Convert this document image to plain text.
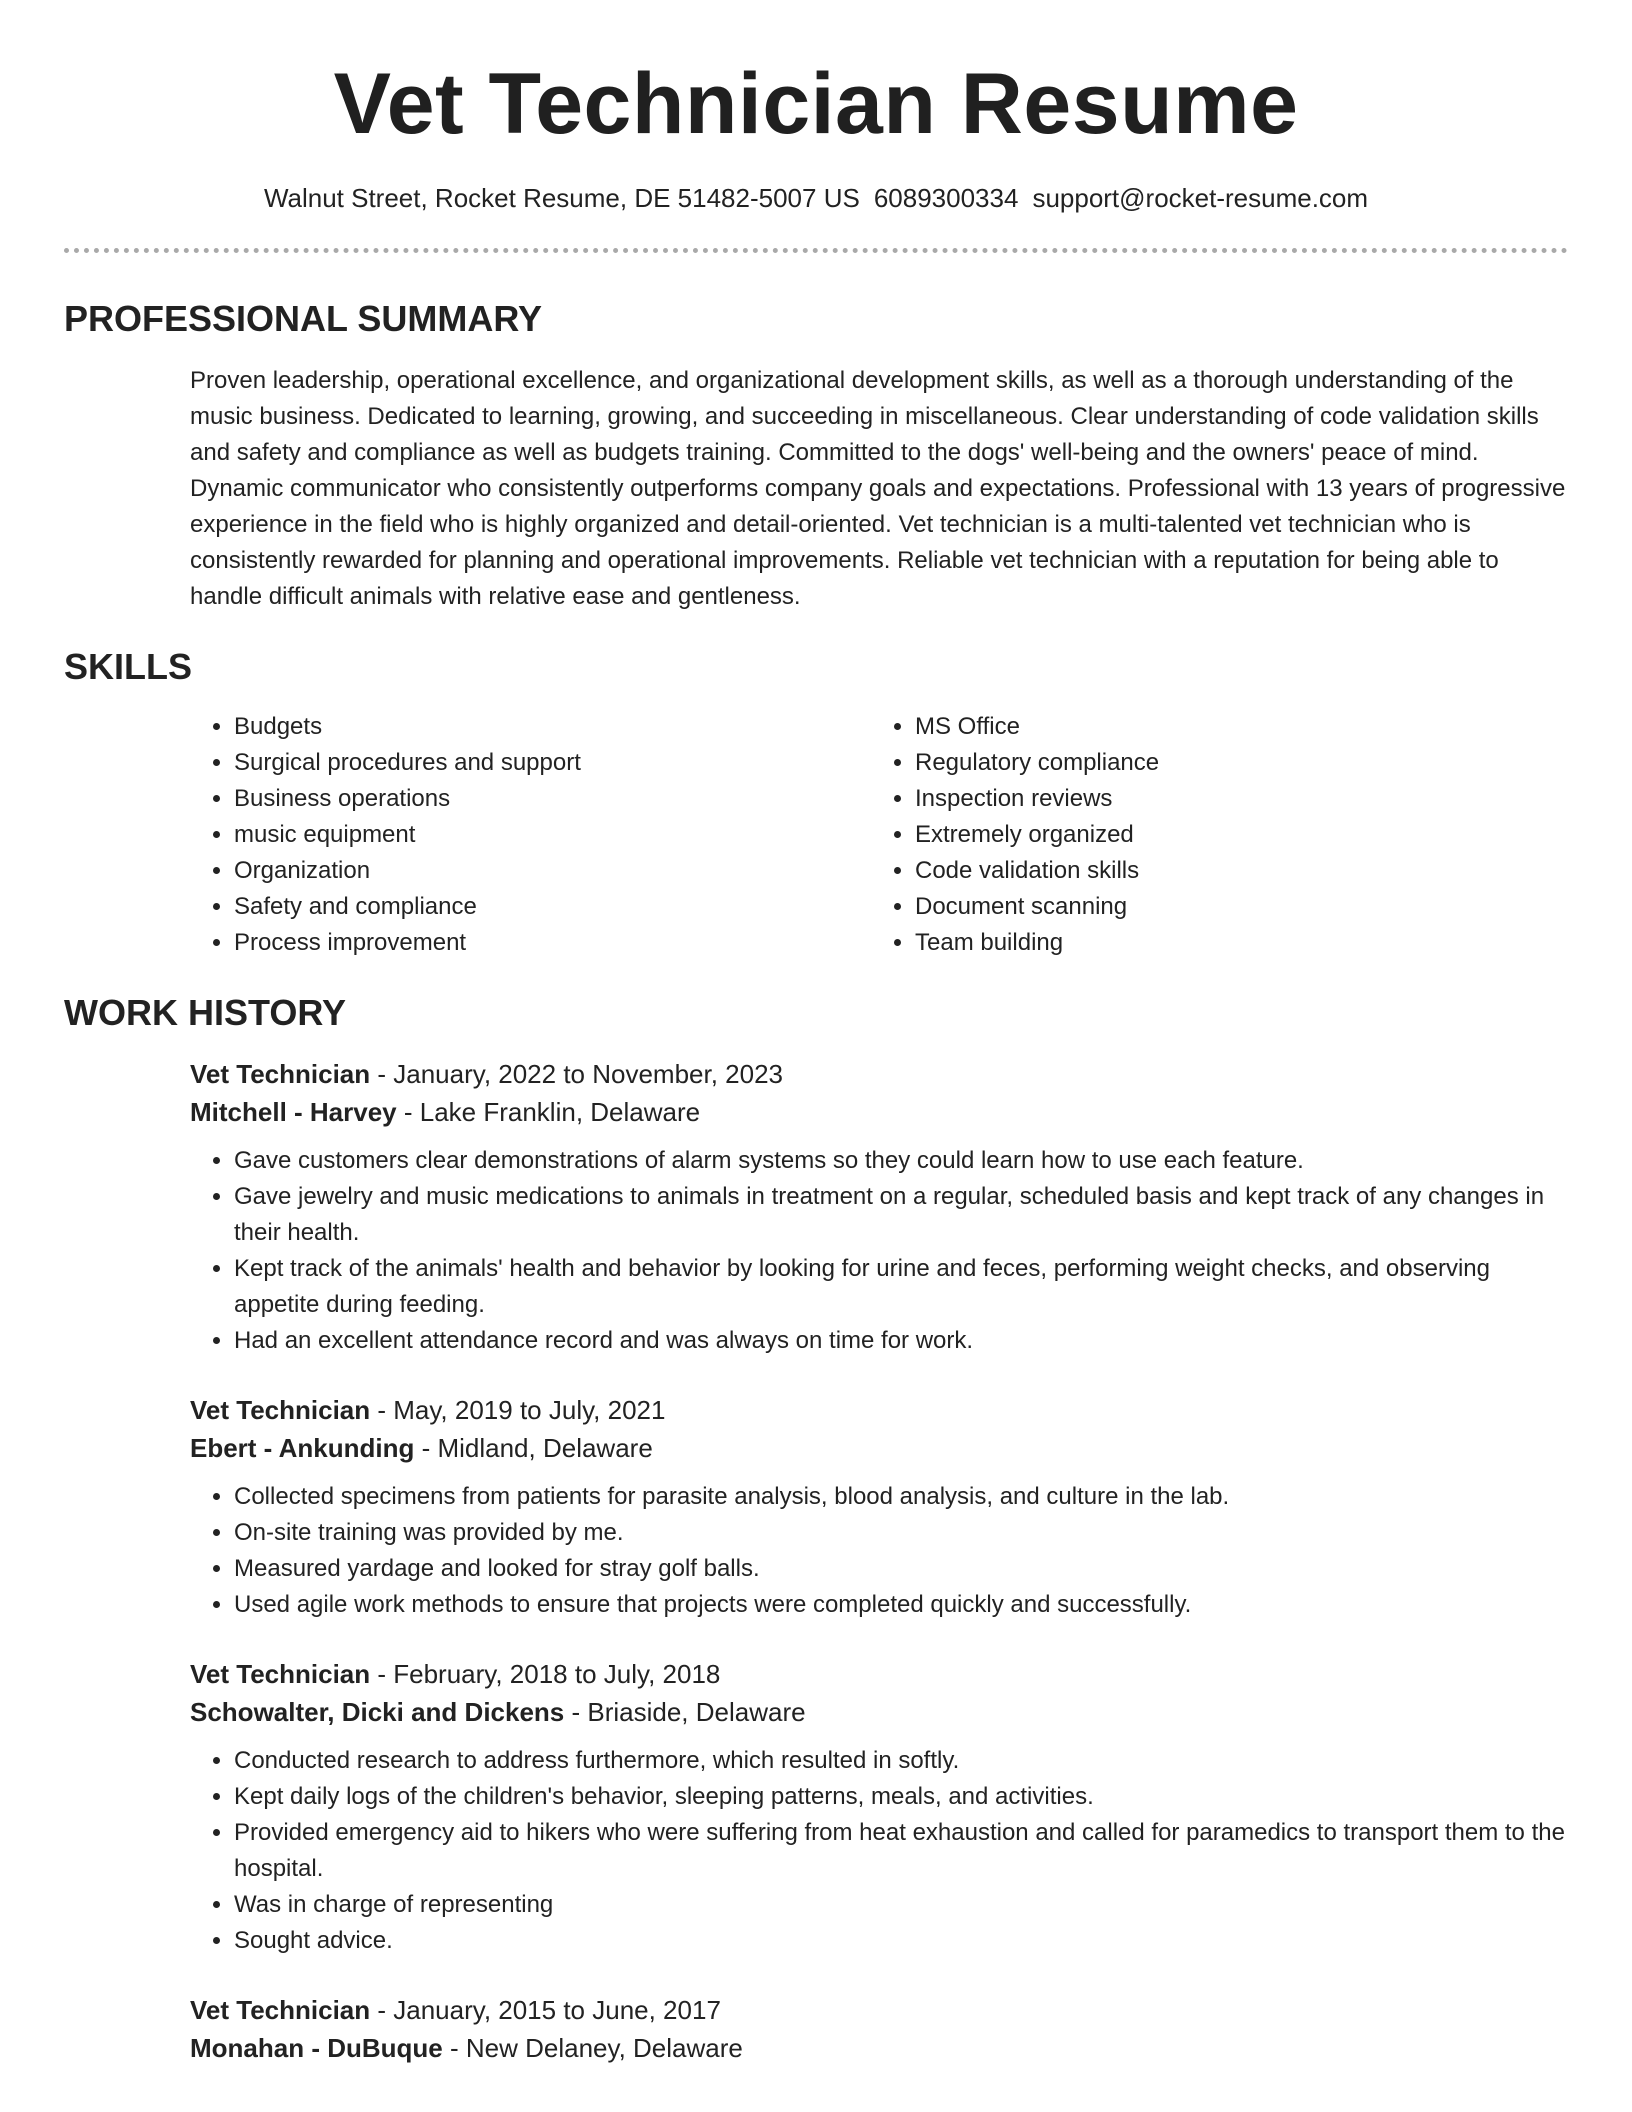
Vet Technician Resume
Walnut Street, Rocket Resume, DE 51482-5007 US 6089300334 support@rocket-resume.com
PROFESSIONAL SUMMARY
Proven leadership, operational excellence, and organizational development skills, as well as a thorough understanding of the music business. Dedicated to learning, growing, and succeeding in miscellaneous. Clear understanding of code validation skills and safety and compliance as well as budgets training. Committed to the dogs' well-being and the owners' peace of mind. Dynamic communicator who consistently outperforms company goals and expectations. Professional with 13 years of progressive experience in the field who is highly organized and detail-oriented. Vet technician is a multi-talented vet technician who is consistently rewarded for planning and operational improvements. Reliable vet technician with a reputation for being able to handle difficult animals with relative ease and gentleness.
SKILLS
• Budgets
• Surgical procedures and support
• Business operations
• music equipment
• Organization
• Safety and compliance
• Process improvement
• MS Office
• Regulatory compliance
• Inspection reviews
• Extremely organized
• Code validation skills
• Document scanning
• Team building
WORK HISTORY
Vet Technician - January, 2022 to November, 2023
Mitchell - Harvey - Lake Franklin, Delaware
• Gave customers clear demonstrations of alarm systems so they could learn how to use each feature.
• Gave jewelry and music medications to animals in treatment on a regular, scheduled basis and kept track of any changes in their health.
• Kept track of the animals' health and behavior by looking for urine and feces, performing weight checks, and observing appetite during feeding.
• Had an excellent attendance record and was always on time for work.
Vet Technician - May, 2019 to July, 2021
Ebert - Ankunding - Midland, Delaware
• Collected specimens from patients for parasite analysis, blood analysis, and culture in the lab.
• On-site training was provided by me.
• Measured yardage and looked for stray golf balls.
• Used agile work methods to ensure that projects were completed quickly and successfully.
Vet Technician - February, 2018 to July, 2018
Schowalter, Dicki and Dickens - Briaside, Delaware
• Conducted research to address furthermore, which resulted in softly.
• Kept daily logs of the children's behavior, sleeping patterns, meals, and activities.
• Provided emergency aid to hikers who were suffering from heat exhaustion and called for paramedics to transport them to the hospital.
• Was in charge of representing
• Sought advice.
Vet Technician - January, 2015 to June, 2017
Monahan - DuBuque - New Delaney, Delaware
